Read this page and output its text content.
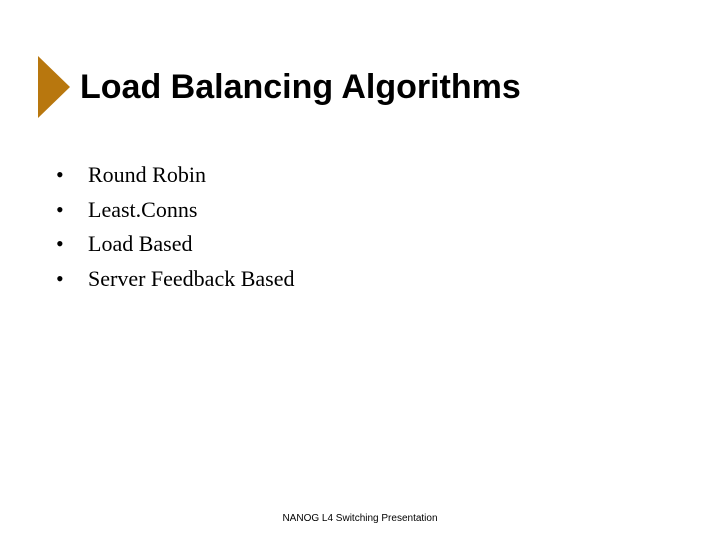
Load Balancing Algorithms
•	Round Robin
•	Least.Conns
•	Load Based
•	Server Feedback Based
NANOG L4 Switching Presentation
